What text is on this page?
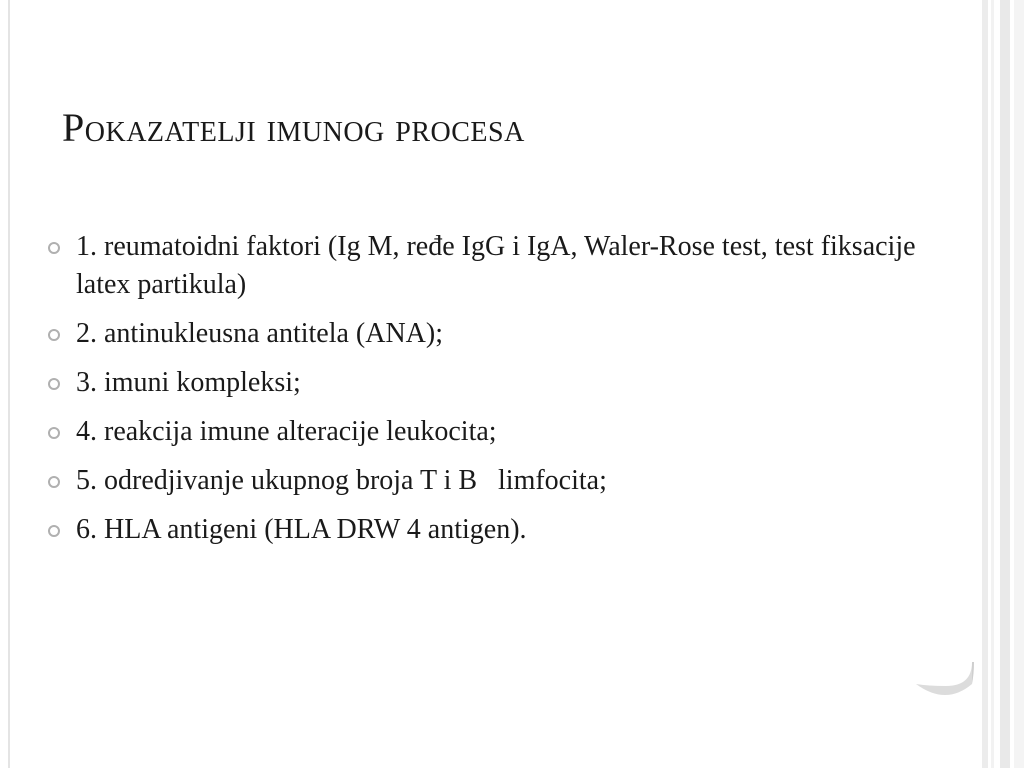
Pokazatelji imunog procesa
1. reumatoidni faktori (Ig M, ređe IgG i IgA, Waler-Rose test, test fiksacije latex partikula)
2. antinukleusna antitela (ANA);
3. imuni kompleksi;
4. reakcija imune alteracije leukocita;
5. odredjivanje ukupnog broja T i B   limfocita;
6. HLA antigeni (HLA DRW 4 antigen).
